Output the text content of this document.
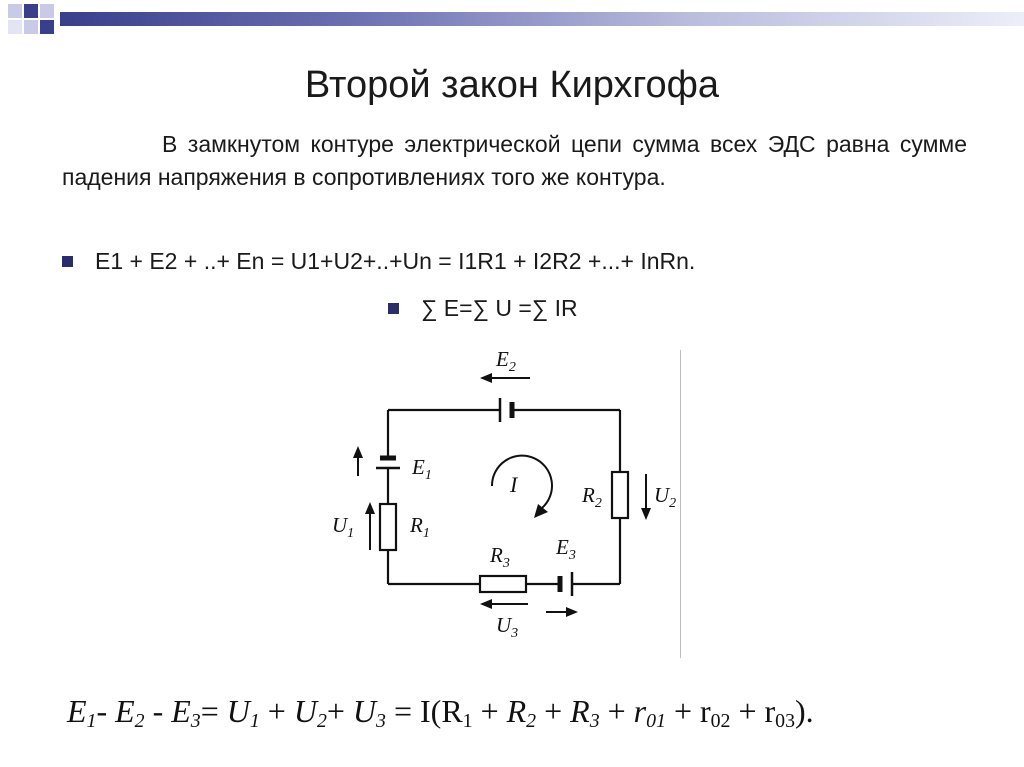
Второй закон Кирхгофа
В замкнутом контуре электрической цепи сумма всех ЭДС равна сумме падения напряжения в сопротивлениях того же контура.
E1 + E2 + ..+ En = U1+U2+..+Un = I1R1 + I2R2 +...+ InRn.
∑ E=∑ U =∑ IR
$E_2$
$E_1$
$R_1$
$U_1$
I	$R_2$ $U_2$
$R_3$
$E_3$
$U_3$
$E_1-$ $E_2 - E_3= U_1 + U_2+ U_3 = I(R_1 + R_2 + R_3 + r_{01} + r_{02} + r_{03})$.
